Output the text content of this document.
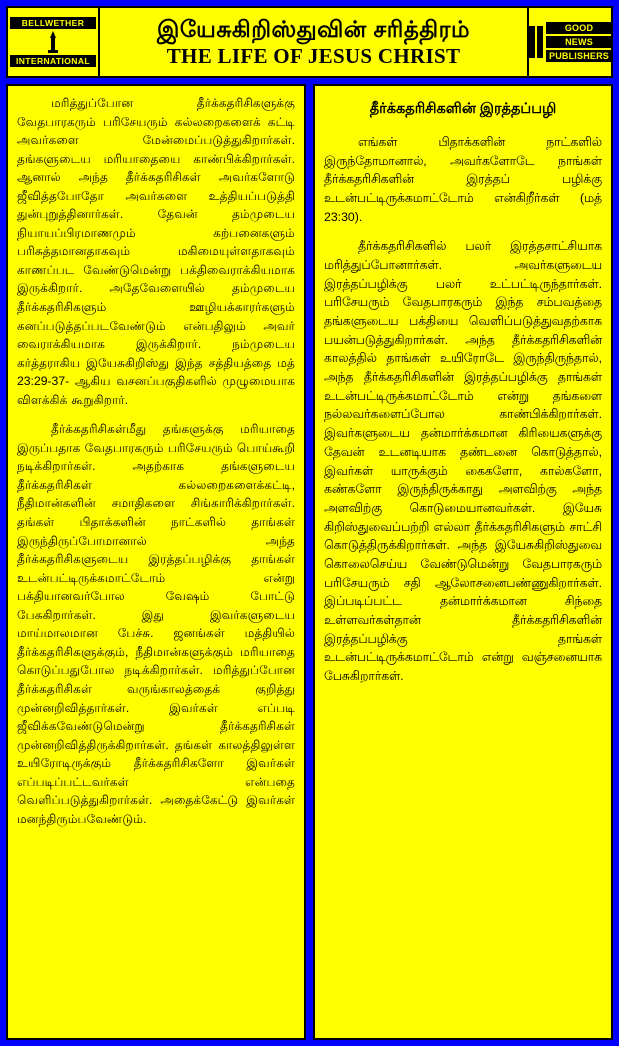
BELLWETHER
INTERNATIONAL
இயேசுகிறிஸ்துவின் சரித்திரம்
THE LIFE OF JESUS CHRIST
GOOD
NEWS
PUBLISHERS

மரித்துப்போன தீர்க்கதரிசிகளுக்கு வேதபாரகரும் பரிசேயரும் கல்லறைகளைக் கட்டி அவர்களை மேன்மைப்படுத்துகிறார்கள். தங்களுடைய மரியாதையை காண்பிக்கிறார்கள். ஆனால் அந்த தீர்க்கதரிசிகள் அவர்களோடு ஜீவித்தபோதோ அவர்களை உத்தியப்படுத்தி துன்புறுத்தினார்கள். தேவன் தம்முடைய நியாயப்பிரமாணமும் கற்பனைகளும் பரிசுத்தமானதாகவும் மகிமையுள்ளதாகவும் காணப்பட வேண்டுமென்று பக்திவைராக்கியமாக இருக்கிறார். அதேவேளையில் தம்முடைய தீர்க்கதரிசிகளும் ஊழியக்காரர்களும் கனப்படுத்தப்படவேண்டும் என்பதிலும் அவர் வைராக்கியமாக இருக்கிறார். நம்முடைய கர்த்தராகிய இயேசுகிறிஸ்து இந்த சத்தியத்தை மத் 23:29-37- ஆகிய வசனப்பகுதிகளில் முழுமையாக விளக்கிக் கூறுகிறார்.

தீர்க்கதரிசிகள்மீது தங்களுக்கு மரியாதை இருப்பதாக வேதபாரகரும் பரிசேயரும் பொய்கூறி நடிக்கிறார்கள். அதற்காக தங்களுடைய தீர்க்கதரிசிகள் கல்லறைகளைக்கட்டி, நீதிமான்களின் சமாதிகளை சிங்காரிக்கிறார்கள். தங்கள் பிதாக்களின் நாட்களில் தாங்கள் இருந்திருப்போமானால் அந்த தீர்க்கதரிசிகளுடைய இரத்தப்பழிக்கு தாங்கள் உடன்பட்டிருக்கமாட்டோம் என்று பக்தியானவர்போல வேஷம் போட்டு பேசுகிறார்கள். இது இவர்களுடைய மாய்மாலமான பேச்சு. ஜனங்கள் மத்தியில் தீர்க்கதரிசிகளுக்கும், நீதிமான்களுக்கும் மரியாதை கொடுப்பதுபோல நடிக்கிறார்கள். மரித்துப்போன தீர்க்கதரிசிகள் வருங்காலத்தைக் குறித்து முன்னறிவித்தார்கள். இவர்கள் எப்படி ஜீவிக்கவேண்டுமென்று தீர்க்கதரிசிகள் முன்னறிவித்திருக்கிறார்கள். தங்கள் காலத்திலுள்ள உயிரோடிருக்கும் தீர்க்கதரிசிகளோ இவர்கள் எப்படிப்பட்டவர்கள் என்பதை வெளிப்படுத்துகிறார்கள். அதைக்கேட்டு இவர்கள் மனந்திரும்பவேண்டும்.

தீர்க்கதரிசிகளின் இரத்தப்பழி

எங்கள் பிதாக்களின் நாட்களில் இருந்தோமானால், அவர்களோடே நாங்கள் தீர்க்கதரிசிகளின் இரத்தப் பழிக்கு உடன்பட்டிருக்கமாட்டோம் என்கிறீர்கள் (மத் 23:30).

தீர்க்கதரிசிகளில் பலர் இரத்தசாட்சியாக மரித்துப்போனார்கள். அவர்களுடைய இரத்தப்பழிக்கு பலர் உட்பட்டிருந்தார்கள். பரிசேயரும் வேதபாரகரும் இந்த சம்பவத்தை தங்களுடைய பக்தியை வெளிப்படுத்துவதற்காக பயன்படுத்துகிறார்கள். அந்த தீர்க்கதரிசிகளின் காலத்தில் தாங்கள் உயிரோடே இருந்திருந்தால், அந்த தீர்க்கதரிசிகளின் இரத்தப்பழிக்கு தாங்கள் உடன்பட்டிருக்கமாட்டோம் என்று தங்களை நல்லவர்களைப்போல காண்பிக்கிறார்கள். இவர்களுடைய தன்மார்க்கமான கிரியைகளுக்கு தேவன் உடனடியாக தண்டனை கொடுத்தால், இவர்கள் யாருக்கும் கைகளோ, கால்களோ, கண்களோ இருந்திருக்காது அளவிற்கு அந்த அளவிற்கு கொடுமையானவர்கள். இயேசு கிறிஸ்துவைப்பற்றி எல்லா தீர்க்கதரிசிகளும் சாட்சி கொடுத்திருக்கிறார்கள். அந்த இயேசுகிறிஸ்துவை கொலைசெய்ய வேண்டுமென்று வேதபாரகரும் பரிசேயரும் சதி ஆலோசனைபண்ணுகிறார்கள். இப்படிப்பட்ட தன்மார்க்கமான சிந்தை உள்ளவர்கள்தான் தீர்க்கதரிசிகளின் இரத்தப்பழிக்கு தாங்கள் உடன்பட்டிருக்கமாட்டோம் என்று வஞ்சனையாக பேசுகிறார்கள்.
